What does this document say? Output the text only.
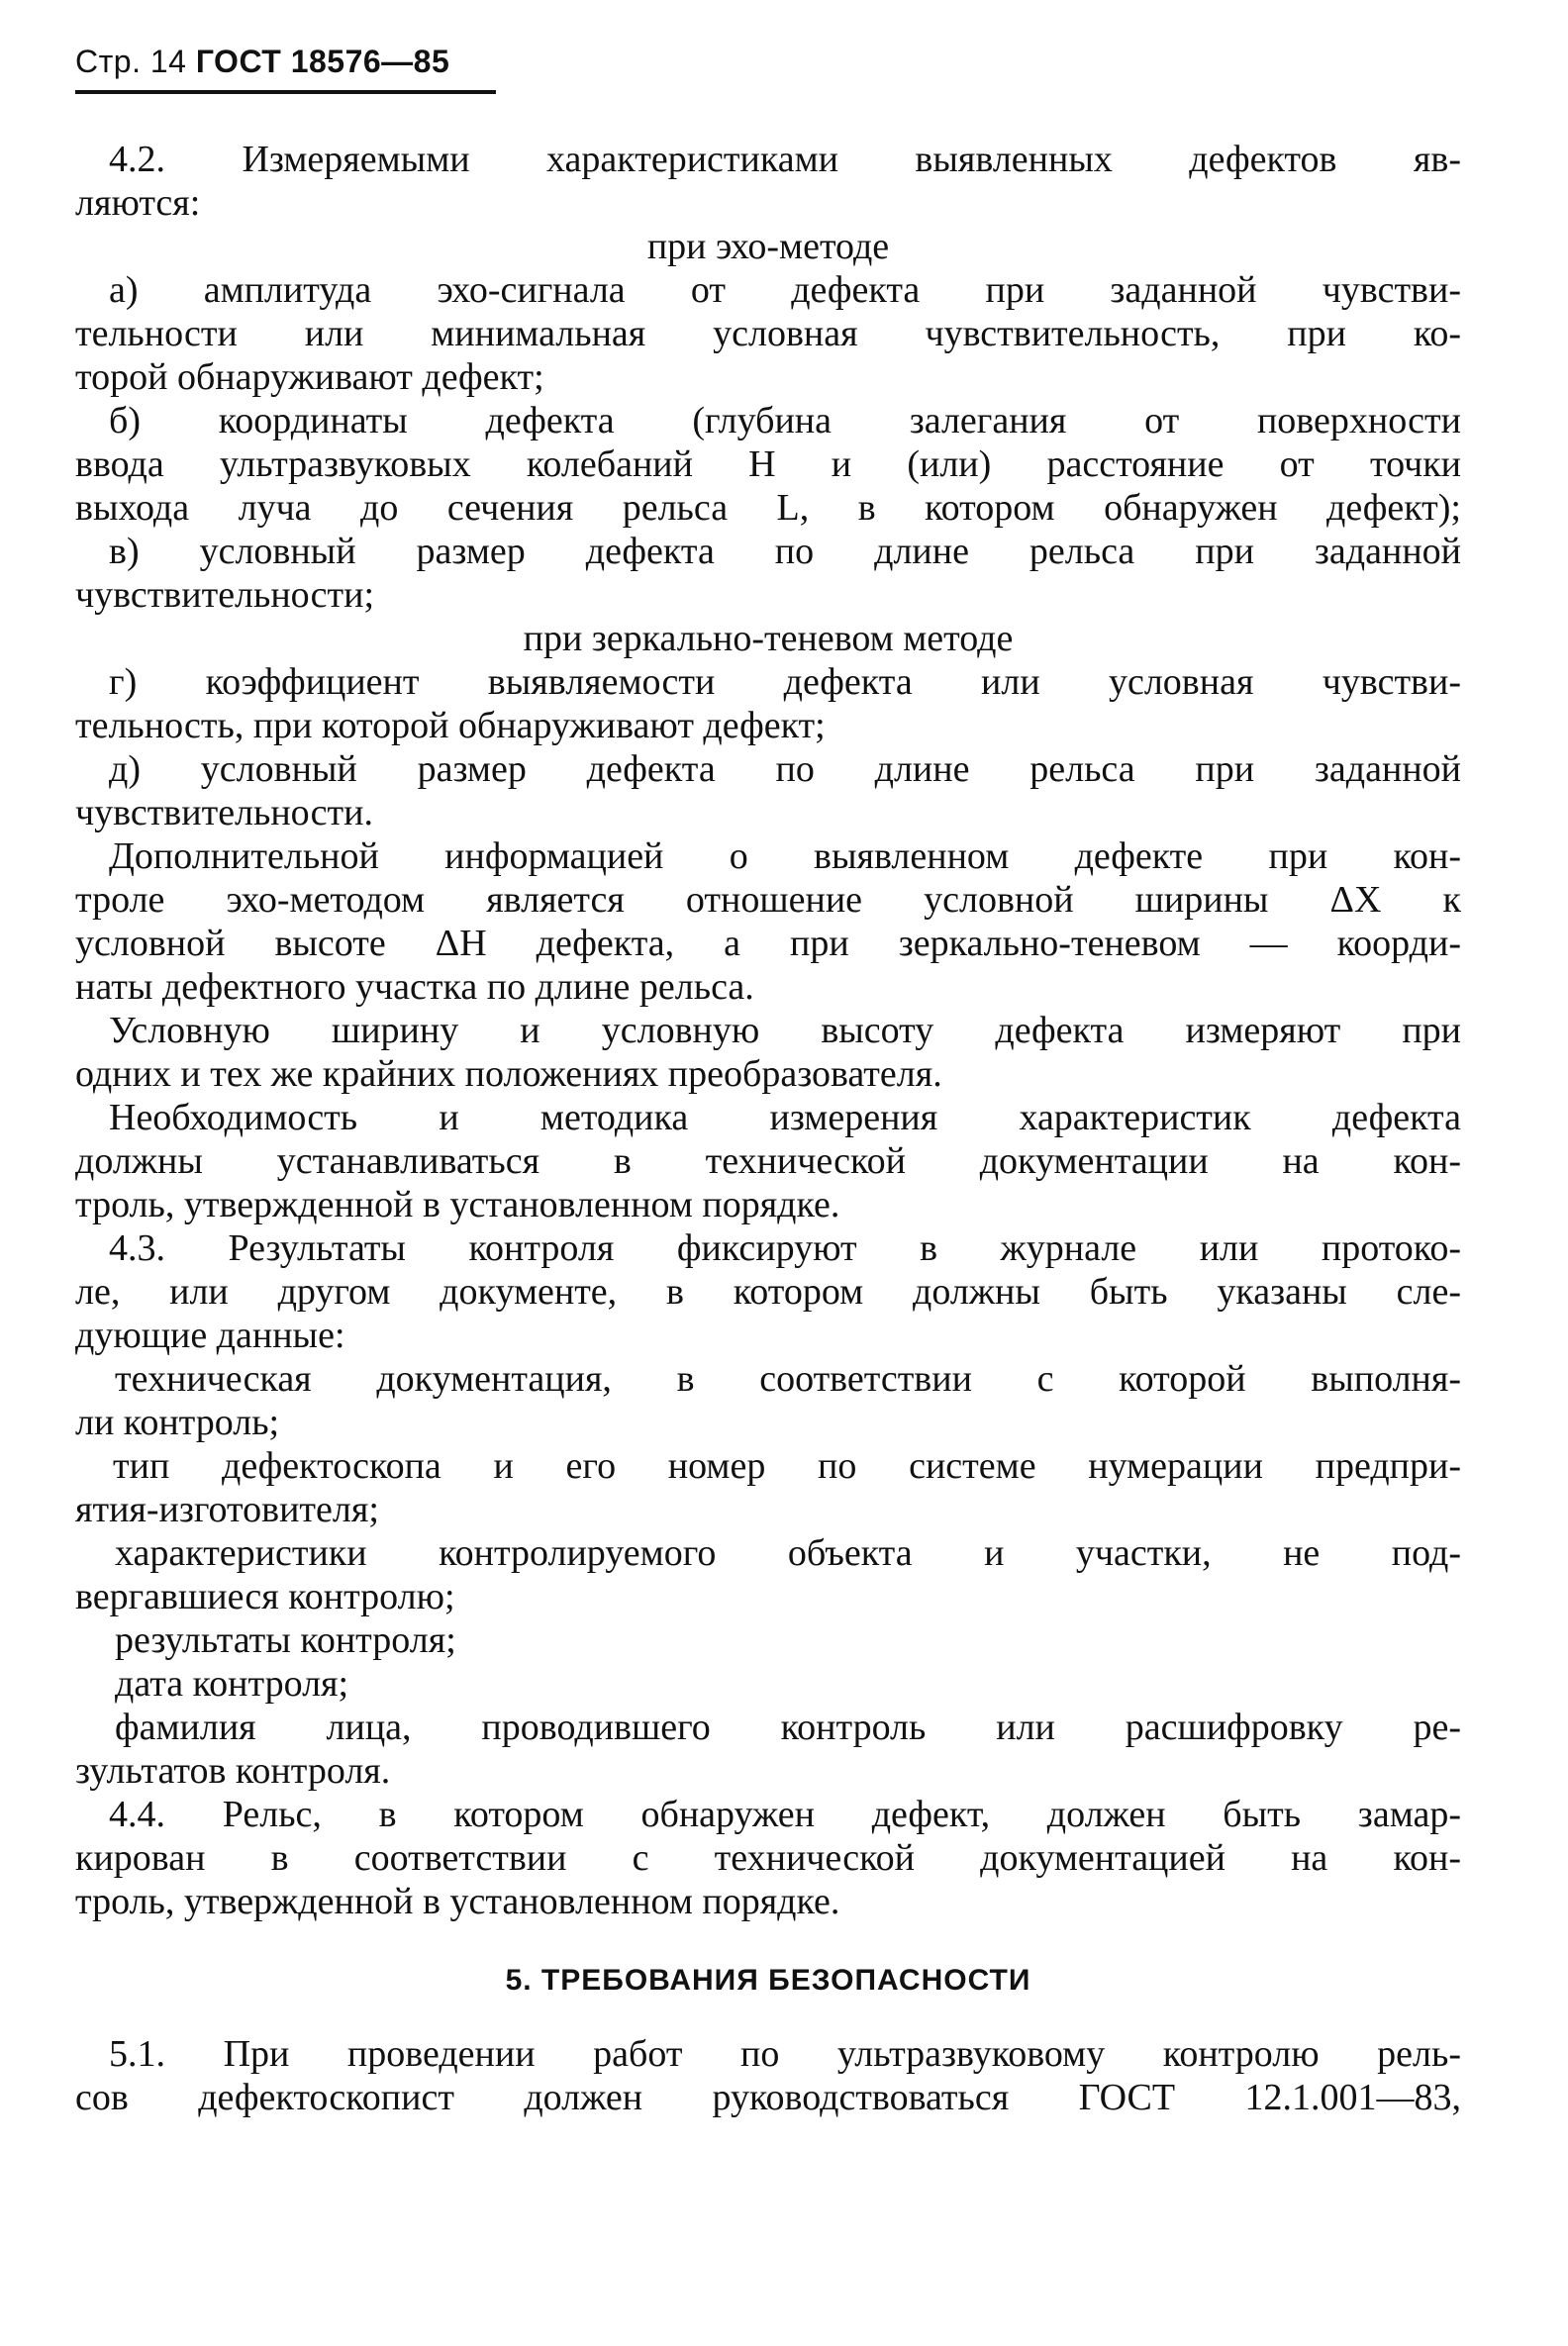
Стр. 14 ГОСТ 18576—85
4.2. Измеряемыми характеристиками выявленных дефектов яв-
ляются:
при эхо-методе
а) амплитуда эхо-сигнала от дефекта при заданной чувстви-
тельности или минимальная условная чувствительность, при ко-
торой обнаруживают дефект;
б) координаты дефекта (глубина залегания от поверхности
ввода ультразвуковых колебаний H и (или) расстояние от точки
выхода луча до сечения рельса L, в котором обнаружен дефект);
в) условный размер дефекта по длине рельса при заданной
чувствительности;
при зеркально-теневом методе
г) коэффициент выявляемости дефекта или условная чувстви-
тельность, при которой обнаруживают дефект;
д) условный размер дефекта по длине рельса при заданной
чувствительности.
Дополнительной информацией о выявленном дефекте при кон-
троле эхо-методом является отношение условной ширины ΔX к
условной высоте ΔH дефекта, а при зеркально-теневом — коорди-
наты дефектного участка по длине рельса.
Условную ширину и условную высоту дефекта измеряют при
одних и тех же крайних положениях преобразователя.
Необходимость и методика измерения характеристик дефекта
должны устанавливаться в технической документации на кон-
троль, утвержденной в установленном порядке.
4.3. Результаты контроля фиксируют в журнале или протоко-
ле, или другом документе, в котором должны быть указаны сле-
дующие данные:
техническая документация, в соответствии с которой выполня-
ли контроль;
тип дефектоскопа и его номер по системе нумерации предпри-
ятия-изготовителя;
характеристики контролируемого объекта и участки, не под-
вергавшиеся контролю;
результаты контроля;
дата контроля;
фамилия лица, проводившего контроль или расшифровку ре-
зультатов контроля.
4.4. Рельс, в котором обнаружен дефект, должен быть замар-
кирован в соответствии с технической документацией на кон-
троль, утвержденной в установленном порядке.
5. ТРЕБОВАНИЯ БЕЗОПАСНОСТИ
5.1. При проведении работ по ультразвуковому контролю рель-
сов дефектоскопист должен руководствоваться ГОСТ 12.1.001—83,
